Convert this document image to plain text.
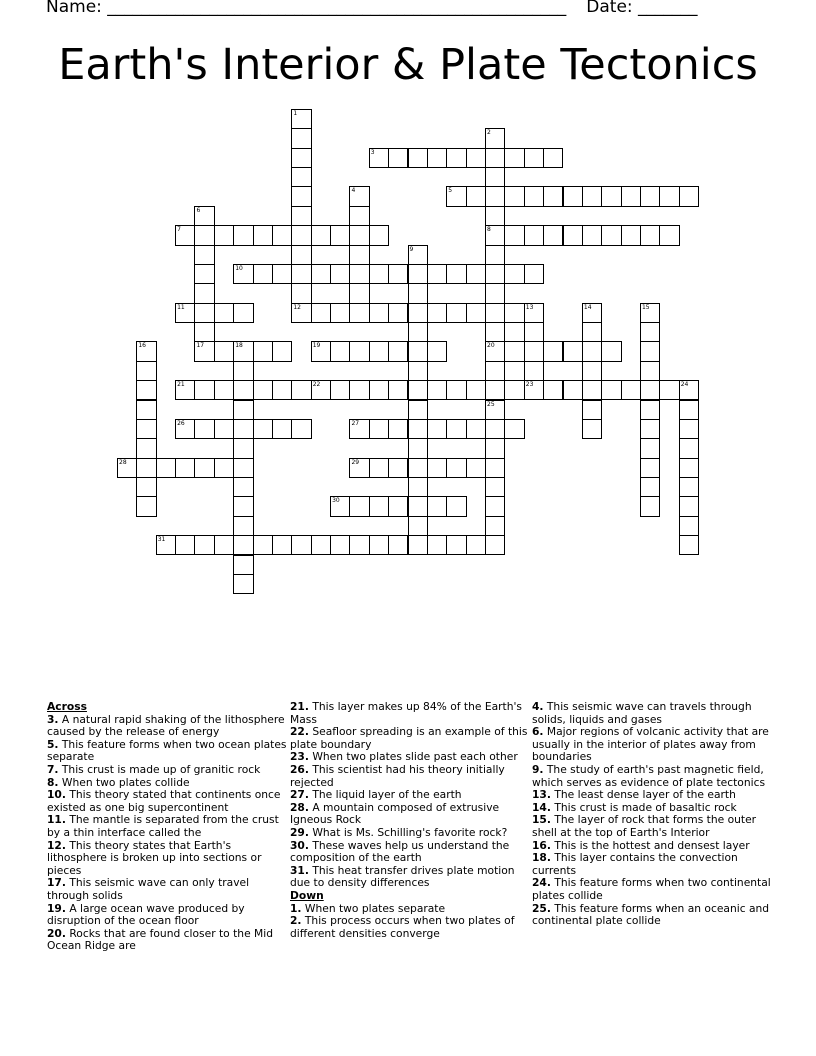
Name: ______________________________________________________ Date: _______
Earth's Interior & Plate Tectonics
1
2
3
4	5
6
7	8
9
10
11	12	13	14	15
16	17	18	19	20
21	22	23	24
25
26	27
28	29
30
31
Across
3. A natural rapid shaking of the lithosphere caused by the release of energy
5. This feature forms when two ocean plates separate
7. This crust is made up of granitic rock
8. When two plates collide
10. This theory stated that continents once existed as one big supercontinent
11. The mantle is separated from the crust by a thin interface called the
12. This theory states that Earth's lithosphere is broken up into sections or pieces
17. This seismic wave can only travel through solids
19. A large ocean wave produced by disruption of the ocean floor
20. Rocks that are found closer to the Mid Ocean Ridge are
21. This layer makes up 84% of the Earth's Mass
22. Seafloor spreading is an example of this plate boundary
23. When two plates slide past each other
26. This scientist had his theory initially rejected
27. The liquid layer of the earth
28. A mountain composed of extrusive Igneous Rock
29. What is Ms. Schilling's favorite rock?
30. These waves help us understand the composition of the earth
31. This heat transfer drives plate motion due to density differences
Down
1. When two plates separate
2. This process occurs when two plates of different densities converge
4. This seismic wave can travels through solids, liquids and gases
6. Major regions of volcanic activity that are usually in the interior of plates away from boundaries
9. The study of earth's past magnetic field, which serves as evidence of plate tectonics
13. The least dense layer of the earth
14. This crust is made of basaltic rock
15. The layer of rock that forms the outer shell at the top of Earth's Interior
16. This is the hottest and densest layer
18. This layer contains the convection currents
24. This feature forms when two continental plates collide
25. This feature forms when an oceanic and continental plate collide
